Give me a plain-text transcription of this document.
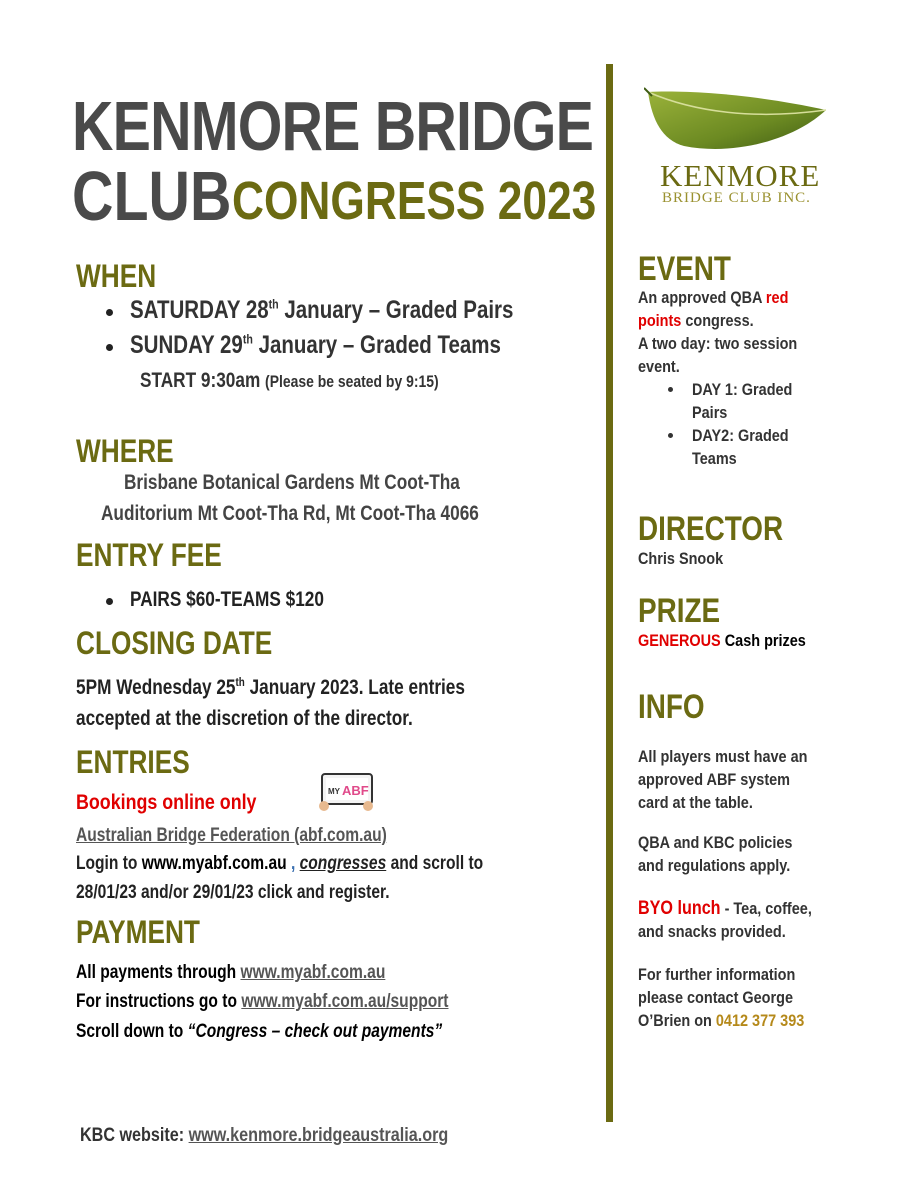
KENMORE BRIDGE
CLUB CONGRESS 2023
WHEN
SATURDAY 28th January – Graded Pairs
SUNDAY 29th January – Graded Teams
START 9:30am (Please be seated by 9:15)
WHERE
Brisbane Botanical Gardens Mt Coot-Tha
Auditorium Mt Coot-Tha Rd, Mt Coot-Tha 4066
ENTRY FEE
PAIRS $60-TEAMS $120
CLOSING DATE
5PM Wednesday 25th January 2023. Late entries
accepted at the discretion of the director.
ENTRIES
Bookings online only	MY ABF
Australian Bridge Federation (abf.com.au)
Login to www.myabf.com.au , congresses and scroll to
28/01/23 and/or 29/01/23 click and register.
PAYMENT
All payments through www.myabf.com.au
For instructions go to www.myabf.com.au/support
Scroll down to “Congress – check out payments”
KBC website: www.kenmore.bridgeaustralia.org
KENMORE
BRIDGE CLUB INC.
EVENT
An approved QBA red
points congress.
A two day: two session
event.
DAY 1: Graded
Pairs
DAY2: Graded
Teams
DIRECTOR
Chris Snook
PRIZE
GENEROUS Cash prizes
INFO
All players must have an
approved ABF system
card at the table.
QBA and KBC policies
and regulations apply.
BYO lunch - Tea, coffee,
and snacks provided.
For further information
please contact George
O’Brien on 0412 377 393
